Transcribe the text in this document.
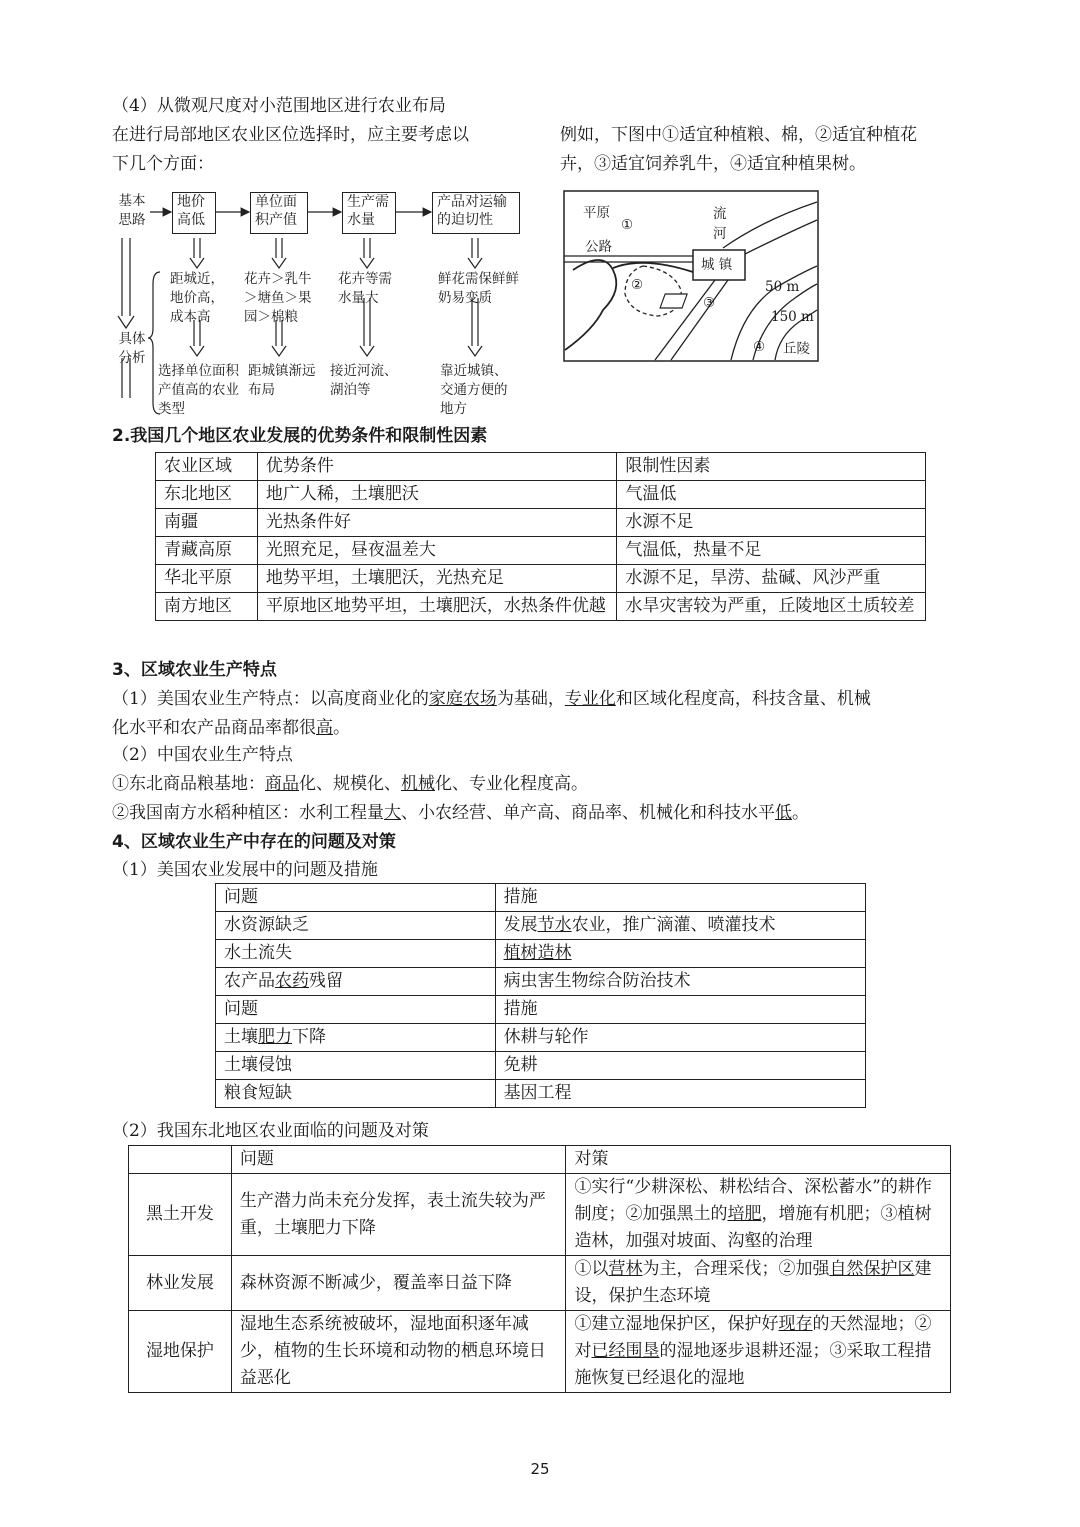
（4）从微观尺度对小范围地区进行农业布局
在进行局部地区农业区位选择时，应主要考虑以
下几个方面：
例如，下图中①适宜种植粮、棉，②适宜种植花
卉，③适宜饲养乳牛，④适宜种植果树。
基本思路
具体分析
地价高低
单位面积产值
生产需水量
产品对运输的迫切性
距城近，地价高，成本高
花卉＞乳牛＞塘鱼＞果园＞棉粮
花卉等需水量大
鲜花需保鲜鲜奶易变质
选择单位面积产值高的农业类型
距城镇渐远布局
接近河流、湖泊等
靠近城镇、交通方便的地方
平原
①
公路
流河
城 镇
②
③
50 m
150 m
④ 丘陵
2.我国几个地区农业发展的优势条件和限制性因素
农业区域	优势条件	限制性因素
东北地区	地广人稀，土壤肥沃	气温低
南疆	光热条件好	水源不足
青藏高原	光照充足，昼夜温差大	气温低，热量不足
华北平原	地势平坦，土壤肥沃，光热充足	水源不足，旱涝、盐碱、风沙严重
南方地区	平原地区地势平坦，土壤肥沃，水热条件优越	水旱灾害较为严重，丘陵地区土质较差
3、区域农业生产特点
（1）美国农业生产特点：以高度商业化的家庭农场为基础，专业化和区域化程度高，科技含量、机械
化水平和农产品商品率都很高。
（2）中国农业生产特点
①东北商品粮基地：商品化、规模化、机械化、专业化程度高。
②我国南方水稻种植区：水利工程量大、小农经营、单产高、商品率、机械化和科技水平低。
4、区域农业生产中存在的问题及对策
（1）美国农业发展中的问题及措施
问题	措施
水资源缺乏	发展节水农业，推广滴灌、喷灌技术
水土流失	植树造林
农产品农药残留	病虫害生物综合防治技术
问题	措施
土壤肥力下降	休耕与轮作
土壤侵蚀	免耕
粮食短缺	基因工程
（2）我国东北地区农业面临的问题及对策
	问题	对策
黑土开发	生产潜力尚未充分发挥，表土流失较为严重，土壤肥力下降	①实行“少耕深松、耕松结合、深松蓄水”的耕作制度；②加强黑土的培肥，增施有机肥；③植树造林，加强对坡面、沟壑的治理
林业发展	森林资源不断减少，覆盖率日益下降	①以营林为主，合理采伐；②加强自然保护区建设，保护生态环境
湿地保护	湿地生态系统被破坏，湿地面积逐年减少，植物的生长环境和动物的栖息环境日益恶化	①建立湿地保护区，保护好现存的天然湿地；②对已经围垦的湿地逐步退耕还湿；③采取工程措施恢复已经退化的湿地
25
